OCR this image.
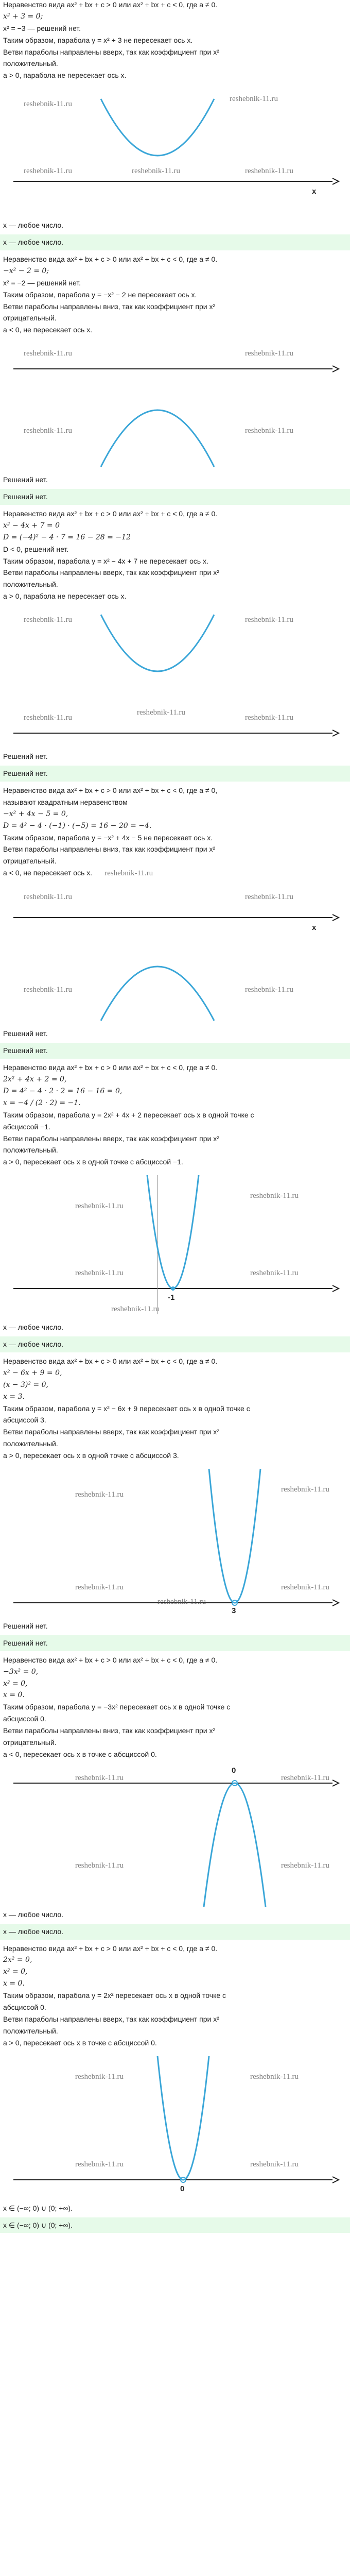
Неравенство вида ax² + bx + c > 0 или ax² + bx + c < 0, где a ≠ 0.
x² + 3 = 0;
x² = −3 — решений нет.
Таким образом, парабола y = x² + 3 не пересекает ось x.
Ветви параболы направлены вверх, так как коэффициент при x²
положительный.
a > 0, парабола не пересекает ось x.
reshebnik-11.ru
reshebnik-11.ru
reshebnik-11.ru	reshebnik-11.ru	reshebnik-11.ru
x
x — любое число.
x — любое число.
Неравенство вида ax² + bx + c > 0 или ax² + bx + c < 0, где a ≠ 0.
−x² − 2 = 0;
x² = −2 — решений нет.
Таким образом, парабола y = −x² − 2 не пересекает ось x.
Ветви параболы направлены вниз, так как коэффициент при x²
отрицательный.
a < 0, не пересекает ось x.
reshebnik-11.ru	reshebnik-11.ru
reshebnik-11.ru	reshebnik-11.ru
Решений нет.
Решений нет.
Неравенство вида ax² + bx + c > 0 или ax² + bx + c < 0, где a ≠ 0.
x² − 4x + 7 = 0
D = (−4)² − 4 · 7 = 16 − 28 = −12
D < 0, решений нет.
Таким образом, парабола y = x² − 4x + 7 не пересекает ось x.
Ветви параболы направлены вверх, так как коэффициент при x²
положительный.
a > 0, парабола не пересекает ось x.
reshebnik-11.ru	reshebnik-11.ru
reshebnik-11.ru
reshebnik-11.ru
reshebnik-11.ru
Решений нет.
Решений нет.
Неравенство вида ax² + bx + c > 0 или ax² + bx + c < 0, где a ≠ 0,
называют квадратным неравенством
−x² + 4x − 5 = 0,
D = 4² − 4 · (−1) · (−5) = 16 − 20 = −4.
Таким образом, парабола y = −x² + 4x − 5 не пересекает ось x.
Ветви параболы направлены вниз, так как коэффициент при x²
отрицательный.
a < 0, не пересекает ось x. reshebnik-11.ru
reshebnik-11.ru	reshebnik-11.ru
reshebnik-11.ru	reshebnik-11.ru
x
Решений нет.
Решений нет.
Неравенство вида ax² + bx + c > 0 или ax² + bx + c < 0, где a ≠ 0.
2x² + 4x + 2 = 0,
D = 4² − 4 · 2 · 2 = 16 − 16 = 0,
x = −4 / (2 · 2) = −1.
Таким образом, парабола y = 2x² + 4x + 2 пересекает ось x в одной точке с
абсциссой −1.
Ветви параболы направлены вверх, так как коэффициент при x²
положительный.
a > 0, пересекает ось x в одной точке с абсциссой −1.
reshebnik-11.ru
reshebnik-11.ru
reshebnik-11.ru	reshebnik-11.ru
reshebnik-11.ru
-1
x — любое число.
x — любое число.
Неравенство вида ax² + bx + c > 0 или ax² + bx + c < 0, где a ≠ 0.
x² − 6x + 9 = 0,
(x − 3)² = 0,
x = 3.
Таким образом, парабола y = x² − 6x + 9 пересекает ось x в одной точке с
абсциссой 3.
Ветви параболы направлены вверх, так как коэффициент при x²
положительный.
a > 0, пересекает ось x в одной точке с абсциссой 3.
reshebnik-11.ru
reshebnik-11.ru
reshebnik-11.ru	reshebnik-11.ru
reshebnik-11.ru
3
Решений нет.
Решений нет.
Неравенство вида ax² + bx + c > 0 или ax² + bx + c < 0, где a ≠ 0.
−3x² = 0,
x² = 0,
x = 0.
Таким образом, парабола y = −3x² пересекает ось x в одной точке с
абсциссой 0.
Ветви параболы направлены вниз, так как коэффициент при x²
отрицательный.
a < 0, пересекает ось x в точке с абсциссой 0.
0
reshebnik-11.ru	reshebnik-11.ru
reshebnik-11.ru	reshebnik-11.ru
x — любое число.
x — любое число.
Неравенство вида ax² + bx + c > 0 или ax² + bx + c < 0, где a ≠ 0.
2x² = 0,
x² = 0,
x = 0.
Таким образом, парабола y = 2x² пересекает ось x в одной точке с
абсциссой 0.
Ветви параболы направлены вверх, так как коэффициент при x²
положительный.
a > 0, пересекает ось x в точке с абсциссой 0.
reshebnik-11.ru	reshebnik-11.ru
reshebnik-11.ru	reshebnik-11.ru
0
x ∈ (−∞; 0) ∪ (0; +∞).
x ∈ (−∞; 0) ∪ (0; +∞).
